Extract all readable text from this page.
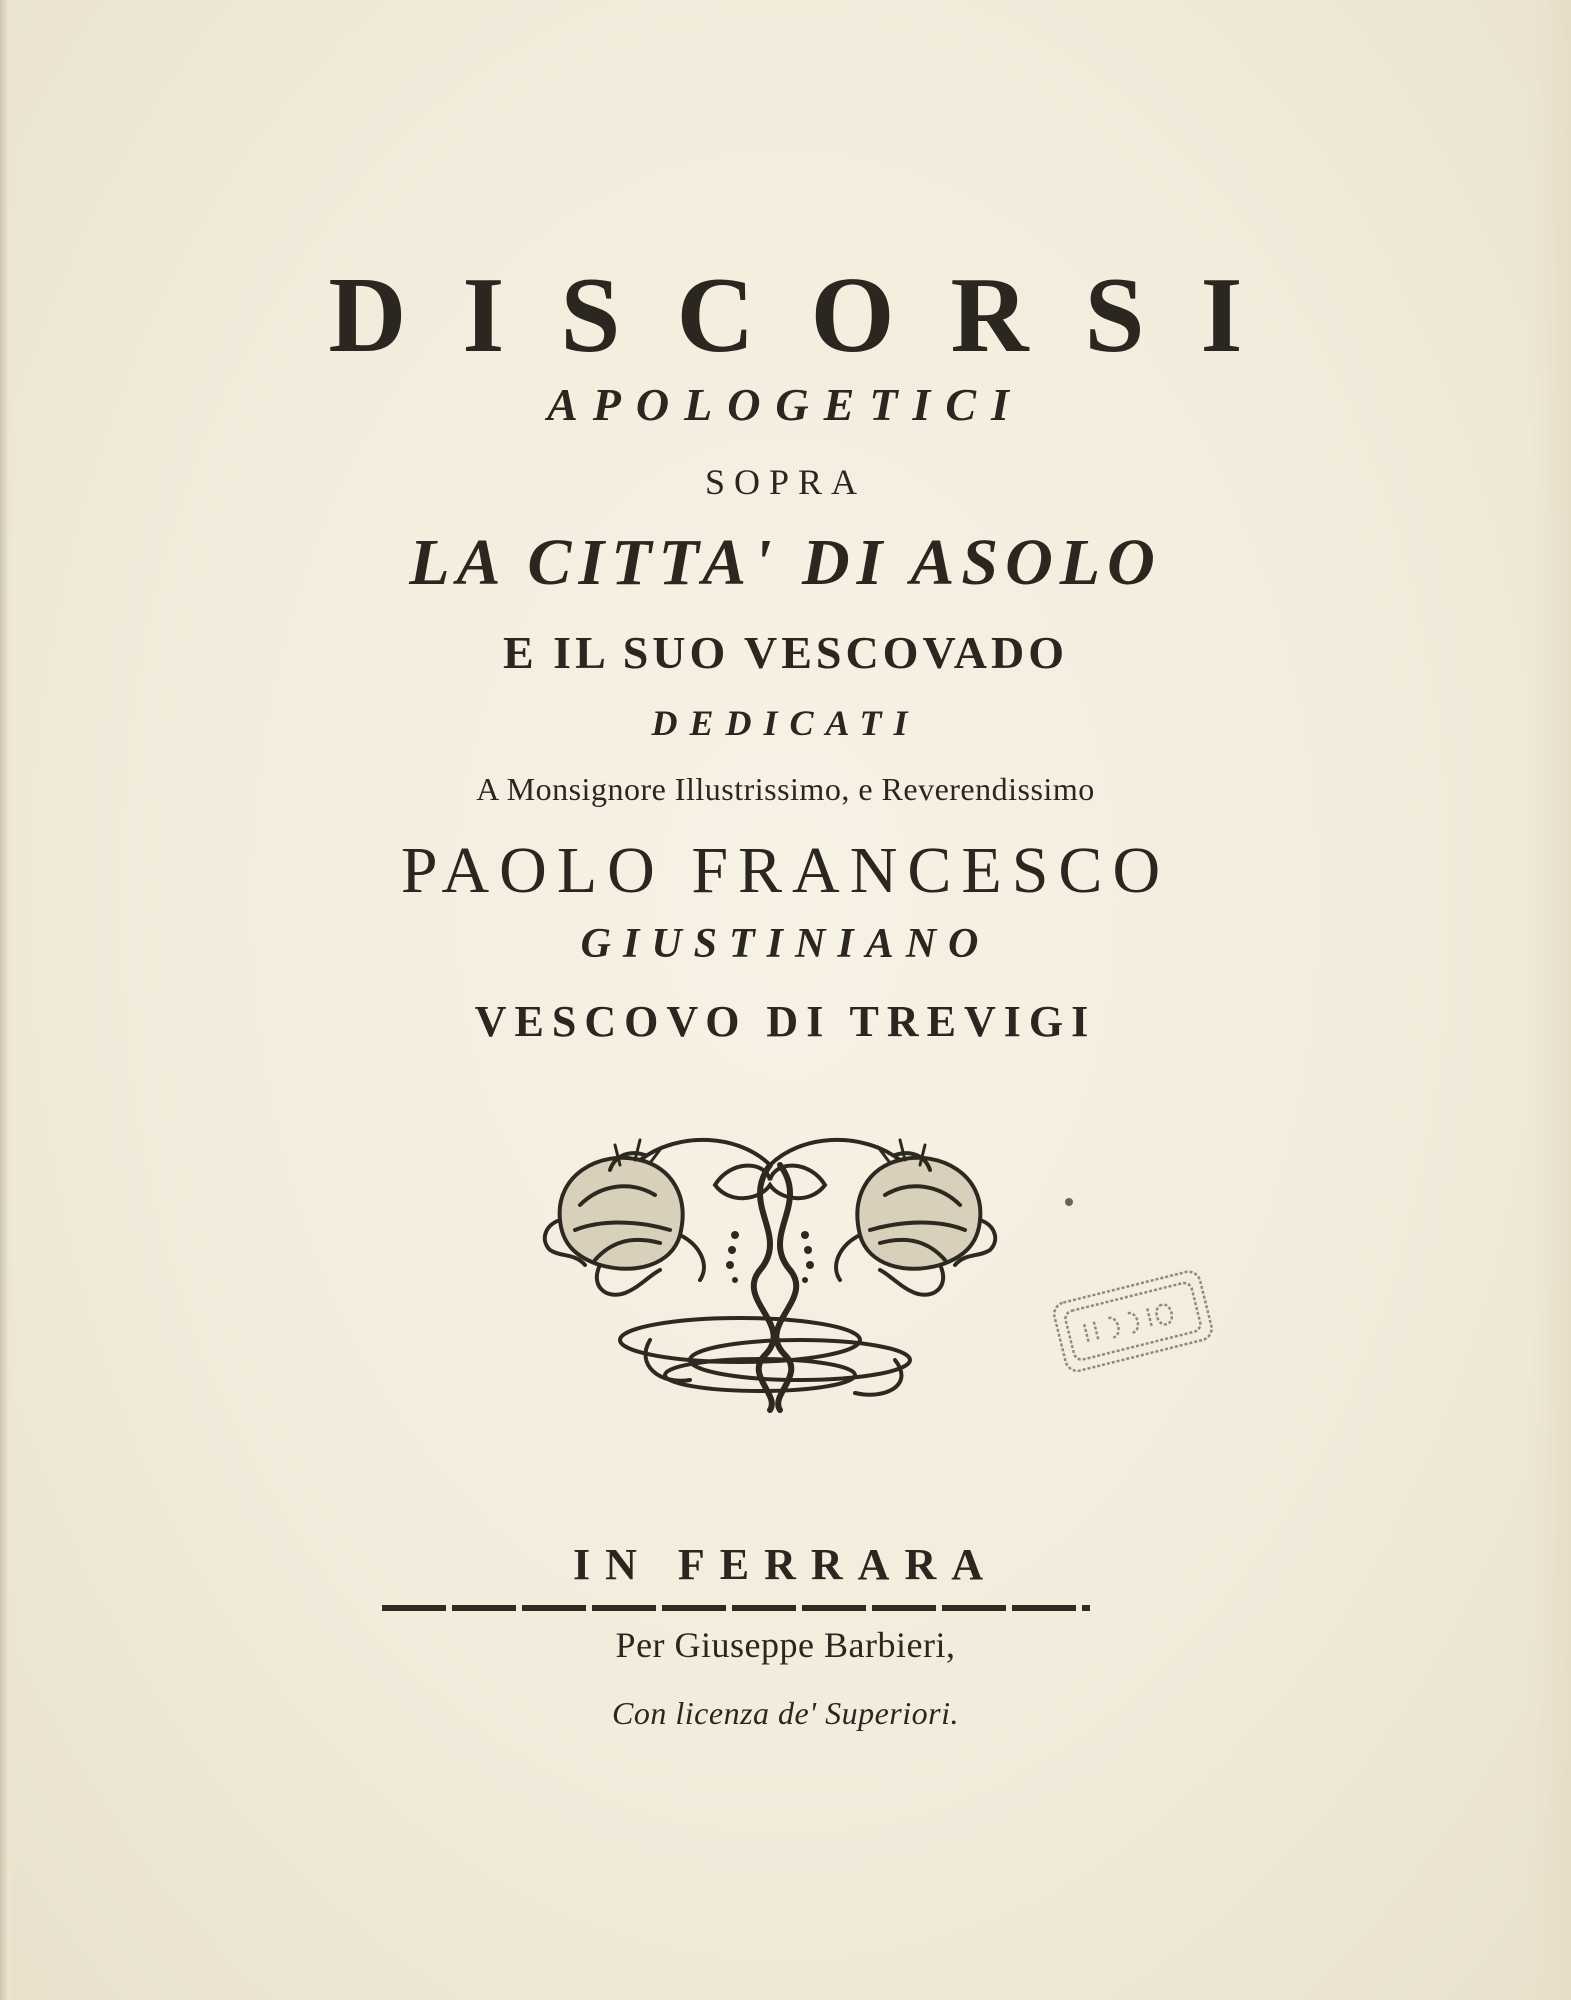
DISCORSI
APOLOGETICI
SOPRA
LA CITTA' DI ASOLO
E IL SUO VESCOVADO
DEDICATI
A Monsignore Illustrissimo, e Reverendissimo
PAOLO FRANCESCO
GIUSTINIANO
VESCOVO DI TREVIGI
IN FERRARA
Per Giuseppe Barbieri,
Con licenza de' Superiori.
